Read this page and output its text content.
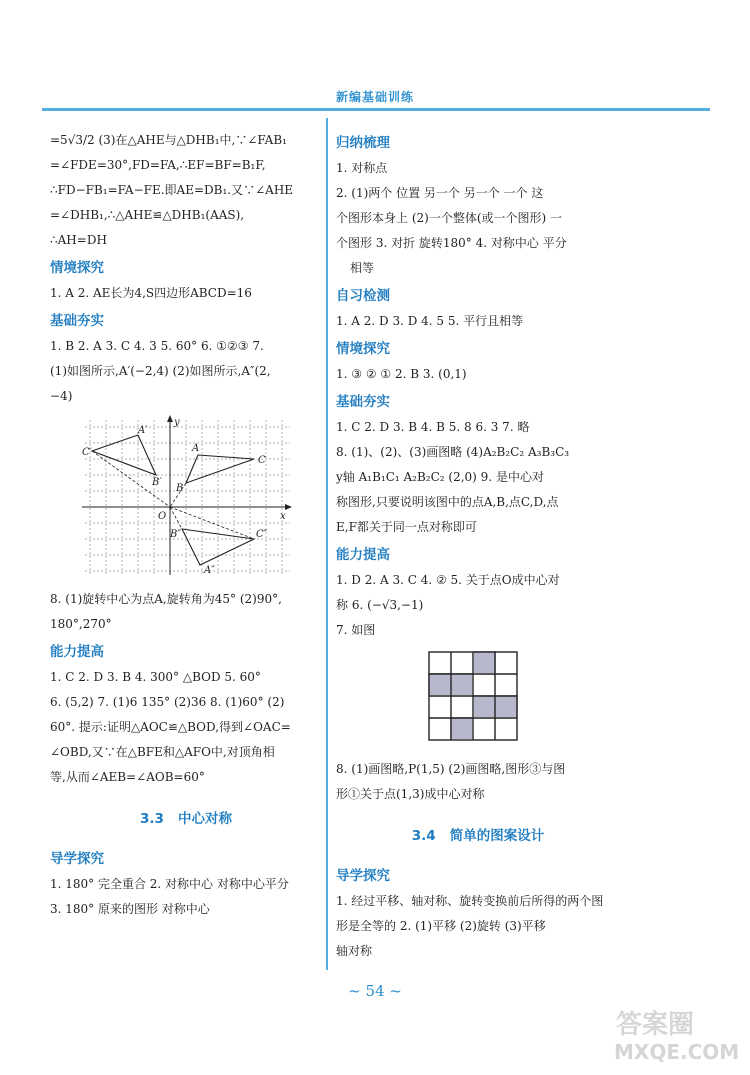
新编基础训练
=5√3/2 (3)在△AHE与△DHB₁中,∵∠FAB₁
=∠FDE=30°,FD=FA,∴EF=BF=B₁F,
∴FD−FB₁=FA−FE.即AE=DB₁.又∵∠AHE
=∠DHB₁,∴△AHE≌△DHB₁(AAS),
∴AH=DH
情境探究
1. A 2. AE长为4,S四边形ABCD=16
基础夯实
1. B 2. A 3. C 4. 3 5. 60° 6. ①②③ 7.
(1)如图所示,A′(−2,4) (2)如图所示,A″(2,
−4)
y
x
O
C′
A′
B′
A
C
B
A″
B″	C″
8. (1)旋转中心为点A,旋转角为45° (2)90°,
180°,270°
能力提高
1. C 2. D 3. B 4. 300° △BOD 5. 60°
6. (5,2) 7. (1)6 135° (2)36 8. (1)60° (2)
60°. 提示:证明△AOC≌△BOD,得到∠OAC=
∠OBD,又∵在△BFE和△AFO中,对顶角相
等,从而∠AEB=∠AOB=60°
3.3 中心对称
导学探究
1. 180° 完全重合 2. 对称中心 对称中心平分
3. 180° 原来的图形 对称中心
归纳梳理
1. 对称点
2. (1)两个 位置 另一个 另一个 一个 这
个图形本身上 (2)一个整体(或一个图形) 一
个图形 3. 对折 旋转180° 4. 对称中心 平分
相等
自习检测
1. A 2. D 3. D 4. 5 5. 平行且相等
情境探究
1. ③ ② ① 2. B 3. (0,1)
基础夯实
1. C 2. D 3. B 4. B 5. 8 6. 3 7. 略
8. (1)、(2)、(3)画图略 (4)A₂B₂C₂ A₃B₃C₃
y轴 A₁B₁C₁ A₂B₂C₂ (2,0) 9. 是中心对
称图形,只要说明该图中的点A,B,点C,D,点
E,F都关于同一点对称即可
能力提高
1. D 2. A 3. C 4. ② 5. 关于点O成中心对
称 6. (−√3,−1)
7. 如图
8. (1)画图略,P(1,5) (2)画图略,图形③与图
形①关于点(1,3)成中心对称
3.4 简单的图案设计
导学探究
1. 经过平移、轴对称、旋转变换前后所得的两个图
形是全等的 2. (1)平移 (2)旋转 (3)平移
轴对称
~ 54 ~
答案圈
MXQE.COM
